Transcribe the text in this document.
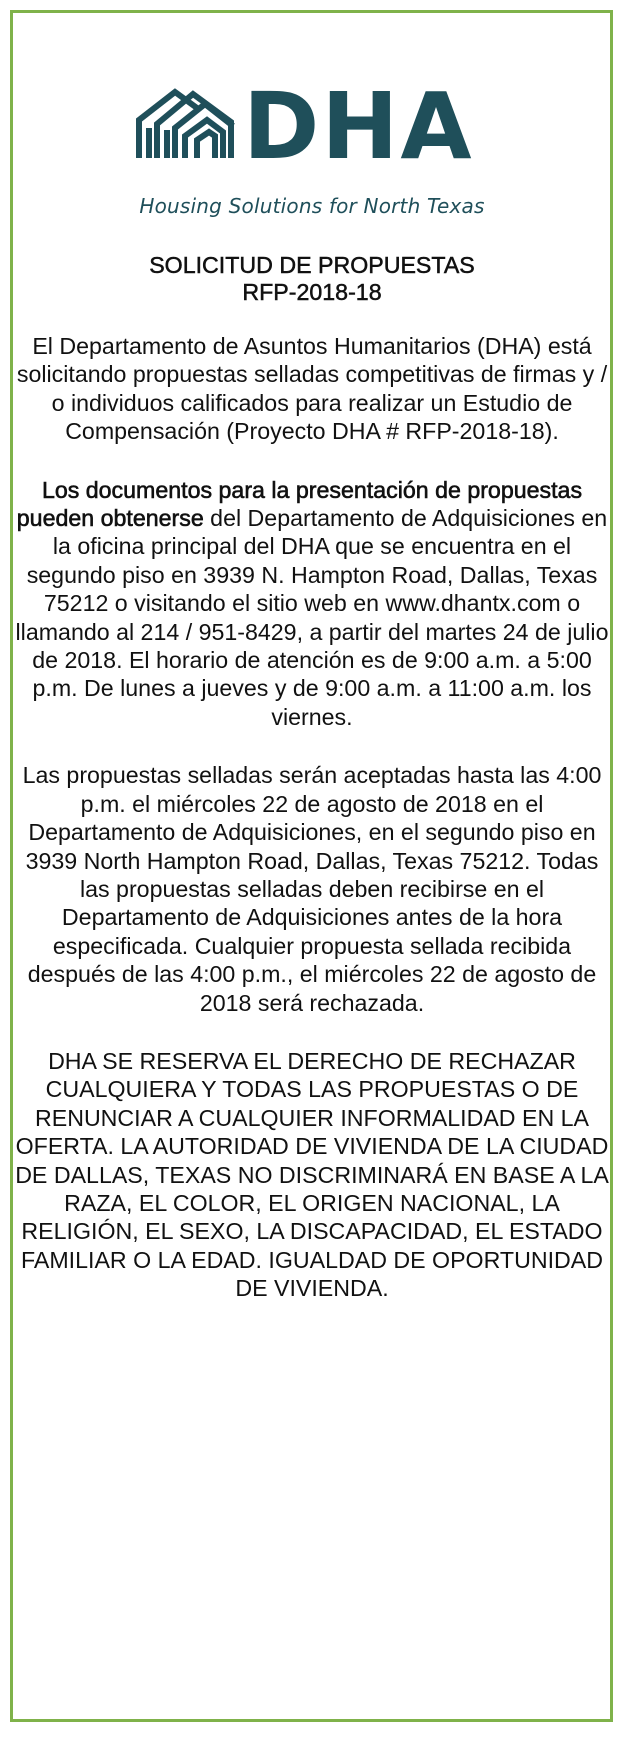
DHA
Housing Solutions for North Texas
SOLICITUD DE PROPUESTAS
RFP-2018-18

El Departamento de Asuntos Humanitarios (DHA) está solicitando propuestas selladas competitivas de firmas y / o individuos calificados para realizar un Estudio de Compensación (Proyecto DHA # RFP-2018-18).

Los documentos para la presentación de propuestas pueden obtenerse del Departamento de Adquisiciones en la oficina principal del DHA que se encuentra en el segundo piso en 3939 N. Hampton Road, Dallas, Texas 75212 o visitando el sitio web en www.dhantx.com o llamando al 214 / 951-8429, a partir del martes 24 de julio de 2018. El horario de atención es de 9:00 a.m. a 5:00 p.m. De lunes a jueves y de 9:00 a.m. a 11:00 a.m. los viernes.

Las propuestas selladas serán aceptadas hasta las 4:00 p.m. el miércoles 22 de agosto de 2018 en el Departamento de Adquisiciones, en el segundo piso en 3939 North Hampton Road, Dallas, Texas 75212. Todas las propuestas selladas deben recibirse en el Departamento de Adquisiciones antes de la hora especificada. Cualquier propuesta sellada recibida después de las 4:00 p.m., el miércoles 22 de agosto de 2018 será rechazada.

DHA SE RESERVA EL DERECHO DE RECHAZAR CUALQUIERA Y TODAS LAS PROPUESTAS O DE RENUNCIAR A CUALQUIER INFORMALIDAD EN LA OFERTA. LA AUTORIDAD DE VIVIENDA DE LA CIUDAD DE DALLAS, TEXAS NO DISCRIMINARÁ EN BASE A LA RAZA, EL COLOR, EL ORIGEN NACIONAL, LA RELIGIÓN, EL SEXO, LA DISCAPACIDAD, EL ESTADO FAMILIAR O LA EDAD. IGUALDAD DE OPORTUNIDAD DE VIVIENDA.
